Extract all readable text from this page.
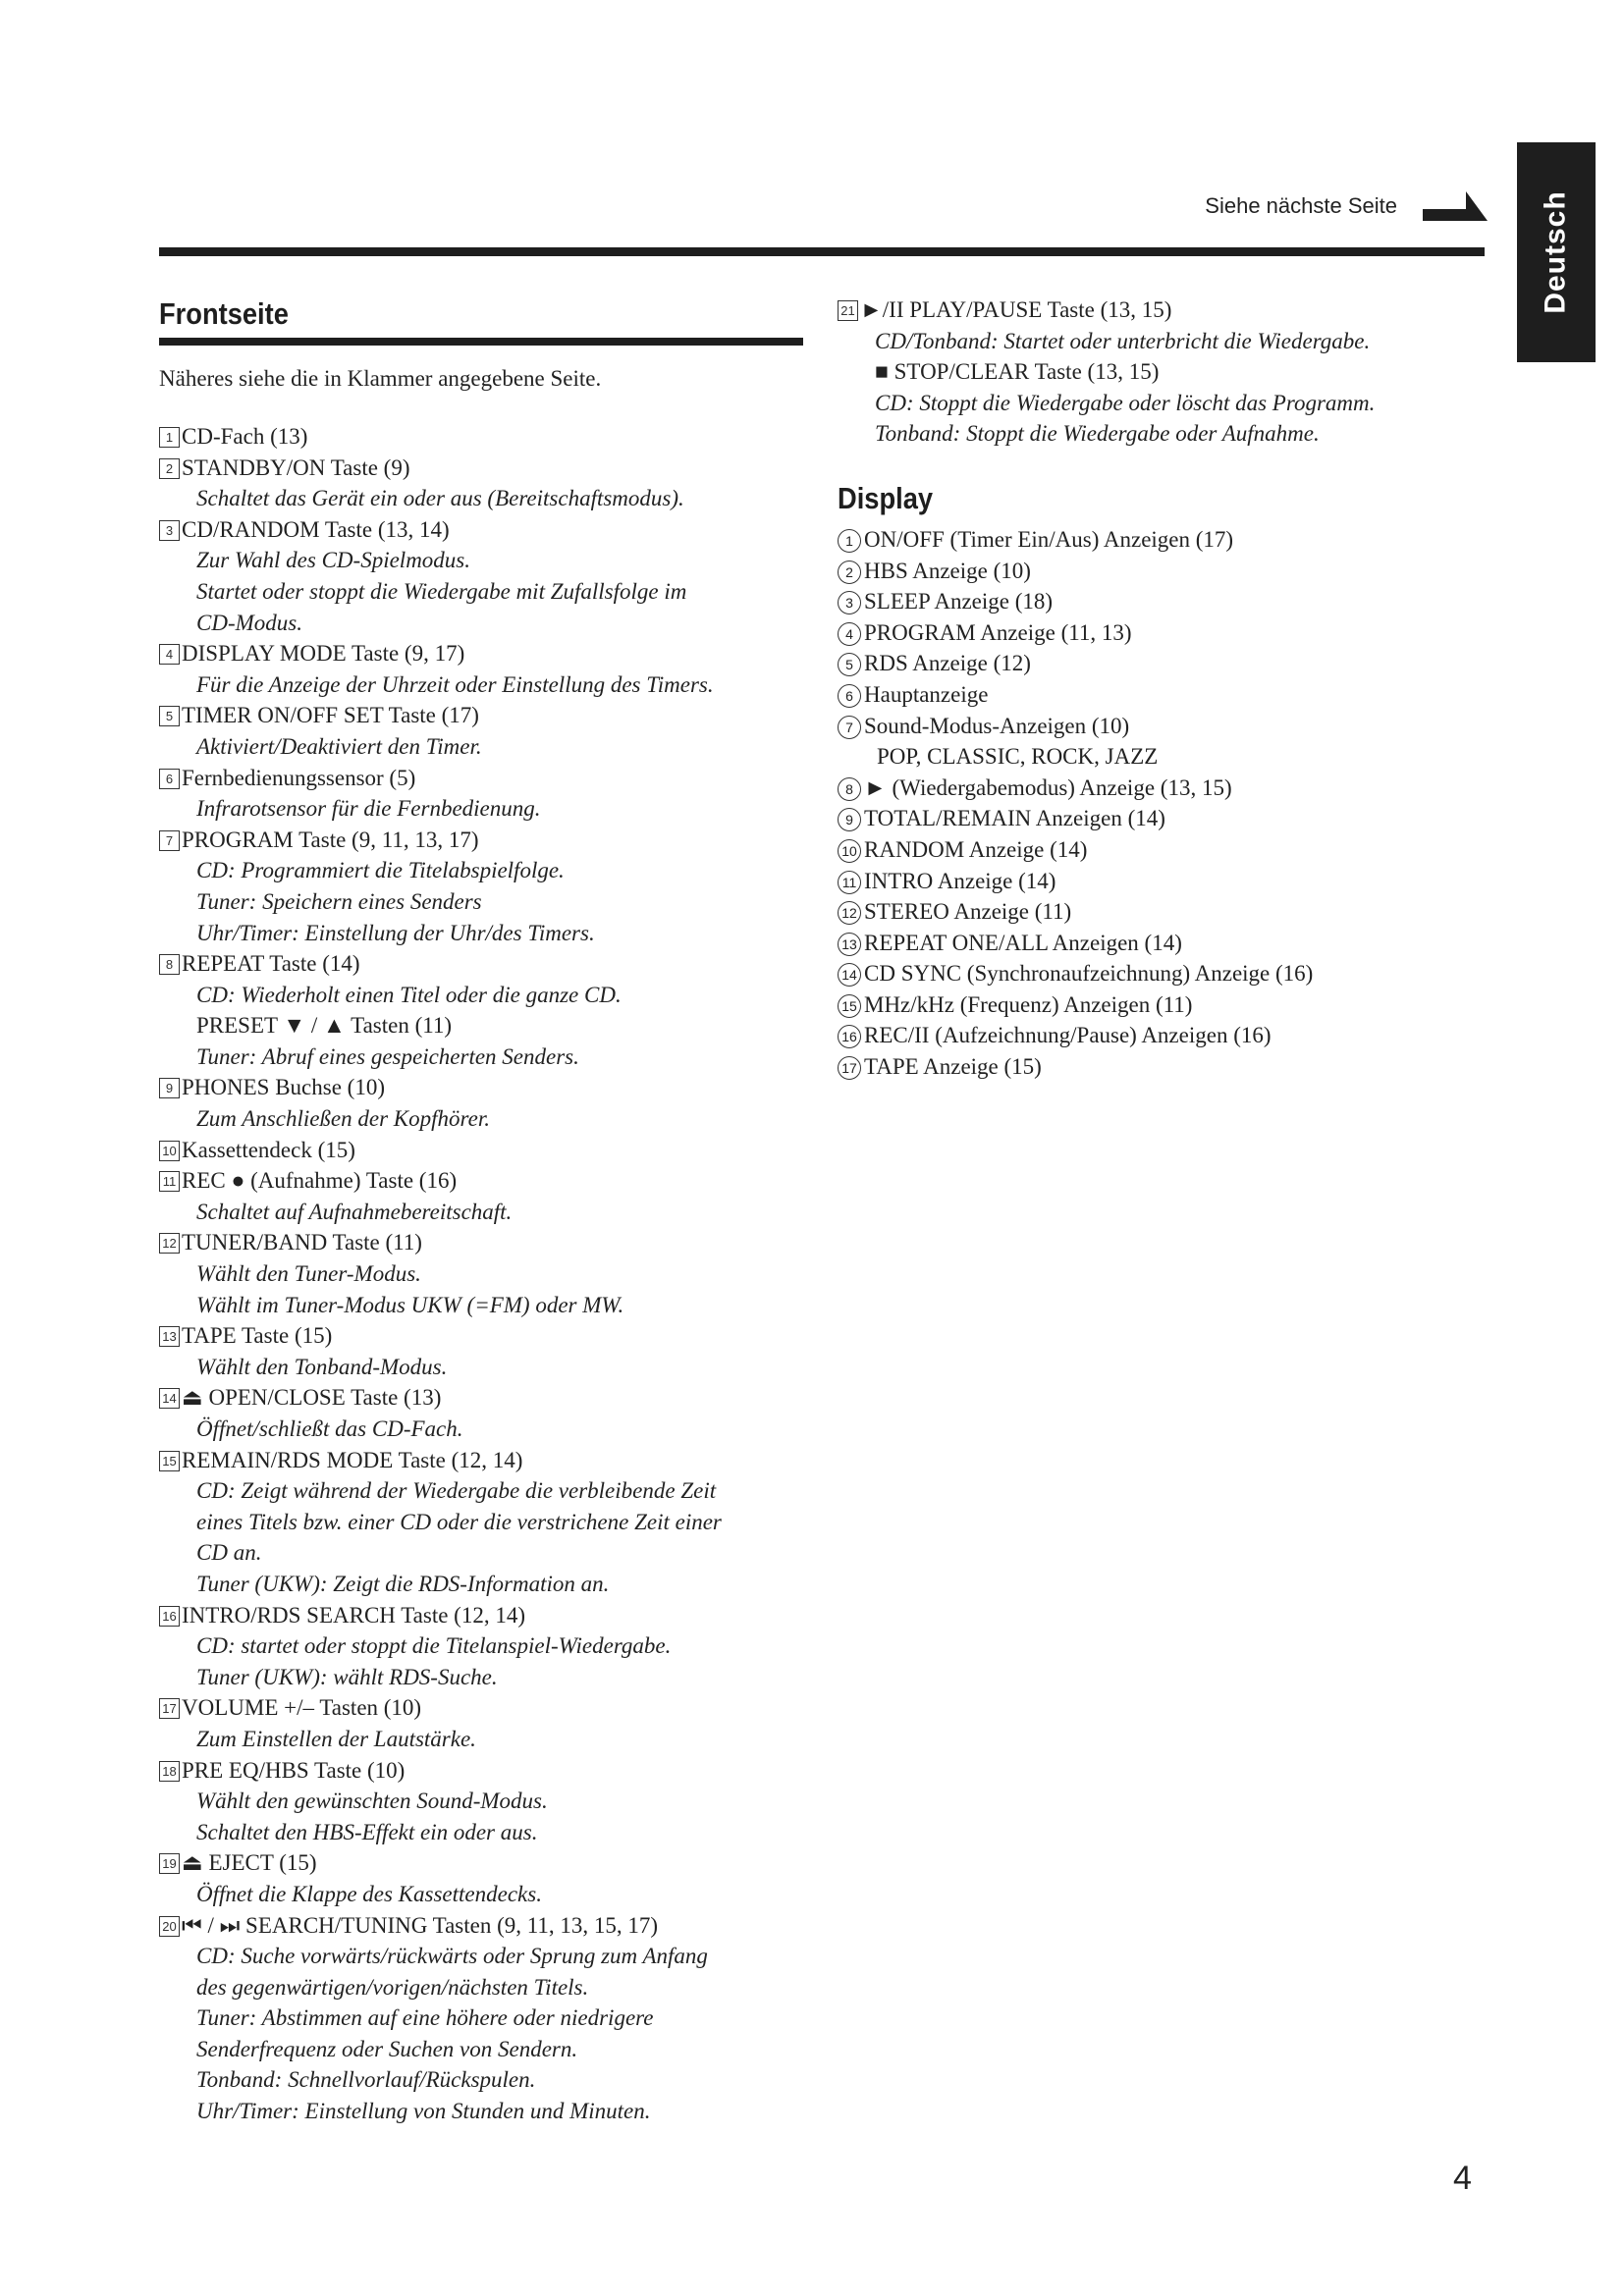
Deutsch
Siehe nächste Seite
Frontseite
Näheres siehe die in Klammer angegebene Seite.
1 CD-Fach (13)
2 STANDBY/ON Taste (9)
Schaltet das Gerät ein oder aus (Bereitschaftsmodus).
3 CD/RANDOM Taste (13, 14)
Zur Wahl des CD-Spielmodus.
Startet oder stoppt die Wiedergabe mit Zufallsfolge im
CD-Modus.
4 DISPLAY MODE Taste (9, 17)
Für die Anzeige der Uhrzeit oder Einstellung des Timers.
5 TIMER ON/OFF SET Taste (17)
Aktiviert/Deaktiviert den Timer.
6 Fernbedienungssensor (5)
Infrarotsensor für die Fernbedienung.
7 PROGRAM Taste (9, 11, 13, 17)
CD: Programmiert die Titelabspielfolge.
Tuner: Speichern eines Senders
Uhr/Timer: Einstellung der Uhr/des Timers.
8 REPEAT Taste (14)
CD: Wiederholt einen Titel oder die ganze CD.
PRESET ▼ / ▲ Tasten (11)
Tuner: Abruf eines gespeicherten Senders.
9 PHONES Buchse (10)
Zum Anschließen der Kopfhörer.
10 Kassettendeck (15)
11 REC ● (Aufnahme) Taste (16)
Schaltet auf Aufnahmebereitschaft.
12 TUNER/BAND Taste (11)
Wählt den Tuner-Modus.
Wählt im Tuner-Modus UKW (=FM) oder MW.
13 TAPE Taste (15)
Wählt den Tonband-Modus.
14 ⏏ OPEN/CLOSE Taste (13)
Öffnet/schließt das CD-Fach.
15 REMAIN/RDS MODE Taste (12, 14)
CD: Zeigt während der Wiedergabe die verbleibende Zeit
eines Titels bzw. einer CD oder die verstrichene Zeit einer
CD an.
Tuner (UKW): Zeigt die RDS-Information an.
16 INTRO/RDS SEARCH Taste (12, 14)
CD: startet oder stoppt die Titelanspiel-Wiedergabe.
Tuner (UKW): wählt RDS-Suche.
17 VOLUME +/– Tasten (10)
Zum Einstellen der Lautstärke.
18 PRE EQ/HBS Taste (10)
Wählt den gewünschten Sound-Modus.
Schaltet den HBS-Effekt ein oder aus.
19 ⏏ EJECT (15)
Öffnet die Klappe des Kassettendecks.
20 ⏮ / ⏭ SEARCH/TUNING Tasten (9, 11, 13, 15, 17)
CD: Suche vorwärts/rückwärts oder Sprung zum Anfang
des gegenwärtigen/vorigen/nächsten Titels.
Tuner: Abstimmen auf eine höhere oder niedrigere
Senderfrequenz oder Suchen von Sendern.
Tonband: Schnellvorlauf/Rückspulen.
Uhr/Timer: Einstellung von Stunden und Minuten.
21 ►/II PLAY/PAUSE Taste (13, 15)
CD/Tonband: Startet oder unterbricht die Wiedergabe.
■ STOP/CLEAR Taste (13, 15)
CD: Stoppt die Wiedergabe oder löscht das Programm.
Tonband: Stoppt die Wiedergabe oder Aufnahme.
Display
1 ON/OFF (Timer Ein/Aus) Anzeigen (17)
2 HBS Anzeige (10)
3 SLEEP Anzeige (18)
4 PROGRAM Anzeige (11, 13)
5 RDS Anzeige (12)
6 Hauptanzeige
7 Sound-Modus-Anzeigen (10)
POP, CLASSIC, ROCK, JAZZ
8 ► (Wiedergabemodus) Anzeige (13, 15)
9 TOTAL/REMAIN Anzeigen (14)
10 RANDOM Anzeige (14)
11 INTRO Anzeige (14)
12 STEREO Anzeige (11)
13 REPEAT ONE/ALL Anzeigen (14)
14 CD SYNC (Synchronaufzeichnung) Anzeige (16)
15 MHz/kHz (Frequenz) Anzeigen (11)
16 REC/II (Aufzeichnung/Pause) Anzeigen (16)
17 TAPE Anzeige (15)
4
